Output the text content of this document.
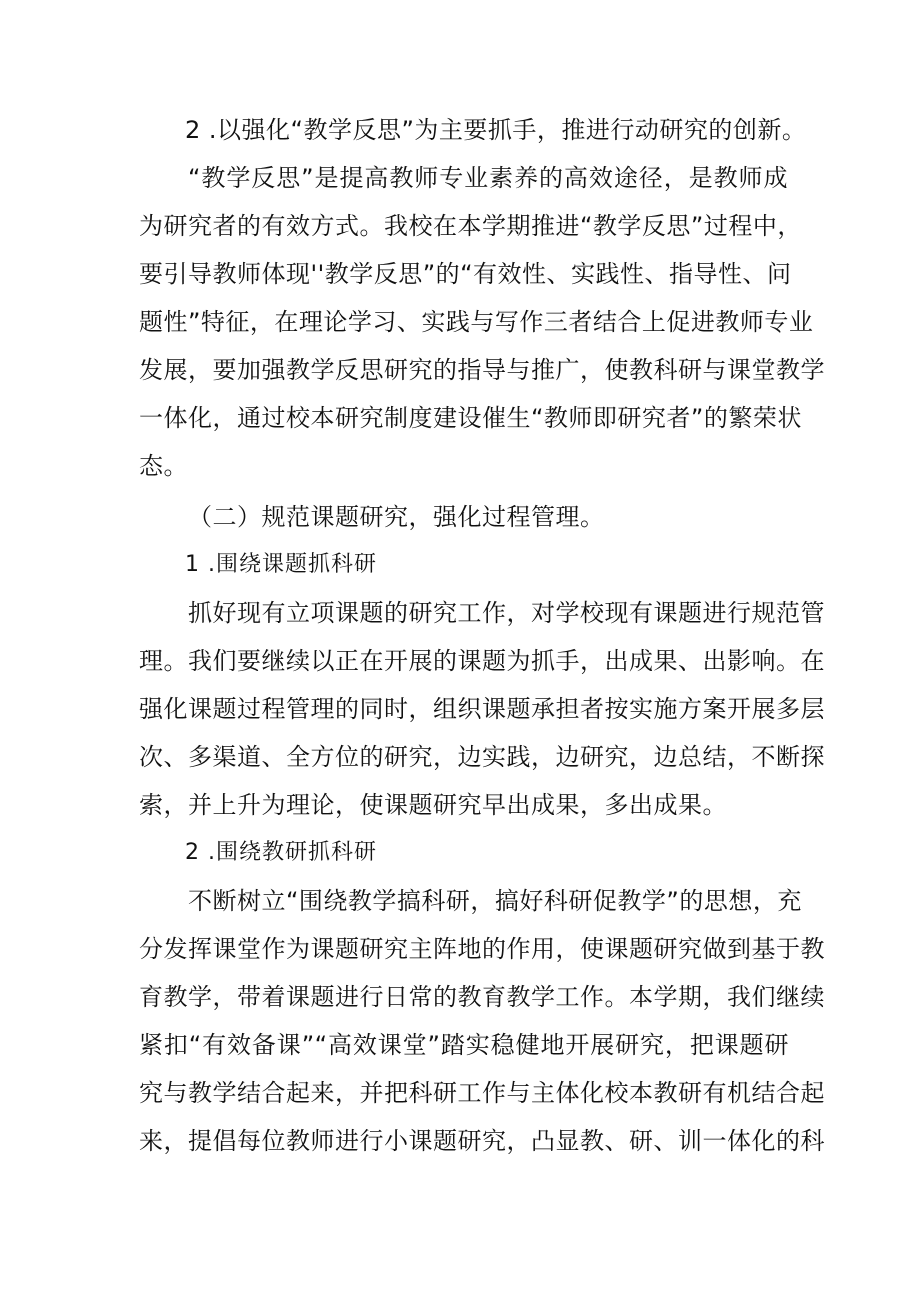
2 .以强化“教学反思”为主要抓手，推进行动研究的创新。
“教学反思”是提高教师专业素养的高效途径，是教师成
为研究者的有效方式。我校在本学期推进“教学反思”过程中，
要引导教师体现''教学反思”的“有效性、实践性、指导性、问
题性”特征，在理论学习、实践与写作三者结合上促进教师专业
发展，要加强教学反思研究的指导与推广，使教科研与课堂教学
一体化，通过校本研究制度建设催生“教师即研究者”的繁荣状
态。
（二）规范课题研究，强化过程管理。
1 .围绕课题抓科研
抓好现有立项课题的研究工作，对学校现有课题进行规范管
理。我们要继续以正在开展的课题为抓手，出成果、出影响。在
强化课题过程管理的同时，组织课题承担者按实施方案开展多层
次、多渠道、全方位的研究，边实践，边研究，边总结，不断探
索，并上升为理论，使课题研究早出成果，多出成果。
2 .围绕教研抓科研
不断树立“围绕教学搞科研，搞好科研促教学”的思想，充
分发挥课堂作为课题研究主阵地的作用，使课题研究做到基于教
育教学，带着课题进行日常的教育教学工作。本学期，我们继续
紧扣“有效备课”“高效课堂”踏实稳健地开展研究，把课题研
究与教学结合起来，并把科研工作与主体化校本教研有机结合起
来，提倡每位教师进行小课题研究，凸显教、研、训一体化的科
